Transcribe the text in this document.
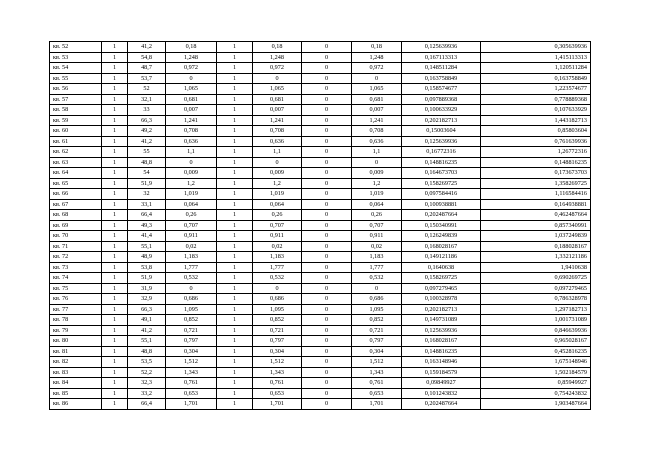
кв. 52	1	41,2	0,18	1	0,18	0	0,18	0,125639936	0,305639936
кв. 53	1	54,8	1,248	1	1,248	0	1,248	0,167113313	1,415113313
кв. 54	1	48,7	0,972	1	0,972	0	0,972	0,148511284	1,120511284
кв. 55	1	53,7	0	1	0	0	0	0,163758849	0,163758849
кв. 56	1	52	1,065	1	1,065	0	1,065	0,158574677	1,223574677
кв. 57	1	32,1	0,681	1	0,681	0	0,681	0,097889368	0,778889368
кв. 58	1	33	0,007	1	0,007	0	0,007	0,100633929	0,107633929
кв. 59	1	66,3	1,241	1	1,241	0	1,241	0,202182713	1,443182713
кв. 60	1	49,2	0,708	1	0,708	0	0,708	0,15003604	0,85803604
кв. 61	1	41,2	0,636	1	0,636	0	0,636	0,125639936	0,761639936
кв. 62	1	55	1,1	1	1,1	0	1,1	0,16772316	1,26772316
кв. 63	1	48,8	0	1	0	0	0	0,148816235	0,148816235
кв. 64	1	54	0,009	1	0,009	0	0,009	0,164673703	0,173673703
кв. 65	1	51,9	1,2	1	1,2	0	1,2	0,158269725	1,358269725
кв. 66	1	32	1,019	1	1,019	0	1,019	0,097584416	1,116584416
кв. 67	1	33,1	0,064	1	0,064	0	0,064	0,100938881	0,164938881
кв. 68	1	66,4	0,26	1	0,26	0	0,26	0,202487664	0,462487664
кв. 69	1	49,3	0,707	1	0,707	0	0,707	0,150340991	0,857340991
кв. 70	1	41,4	0,911	1	0,911	0	0,911	0,126249839	1,037249839
кв. 71	1	55,1	0,02	1	0,02	0	0,02	0,168028167	0,188028167
кв. 72	1	48,9	1,183	1	1,183	0	1,183	0,149121186	1,332121186
кв. 73	1	53,8	1,777	1	1,777	0	1,777	0,1640638	1,9410638
кв. 74	1	51,9	0,532	1	0,532	0	0,532	0,158269725	0,690269725
кв. 75	1	31,9	0	1	0	0	0	0,097279465	0,097279465
кв. 76	1	32,9	0,686	1	0,686	0	0,686	0,100328978	0,786328978
кв. 77	1	66,3	1,095	1	1,095	0	1,095	0,202182713	1,297182713
кв. 78	1	49,1	0,852	1	0,852	0	0,852	0,149731089	1,001731089
кв. 79	1	41,2	0,721	1	0,721	0	0,721	0,125639936	0,846639936
кв. 80	1	55,1	0,797	1	0,797	0	0,797	0,168028167	0,965028167
кв. 81	1	48,8	0,304	1	0,304	0	0,304	0,148816235	0,452816235
кв. 82	1	53,5	1,512	1	1,512	0	1,512	0,163148946	1,675148946
кв. 83	1	52,2	1,343	1	1,343	0	1,343	0,159184579	1,502184579
кв. 84	1	32,3	0,761	1	0,761	0	0,761	0,09849927	0,85949927
кв. 85	1	33,2	0,653	1	0,653	0	0,653	0,101243832	0,754243832
кв. 86	1	66,4	1,701	1	1,701	0	1,701	0,202487664	1,903487664
